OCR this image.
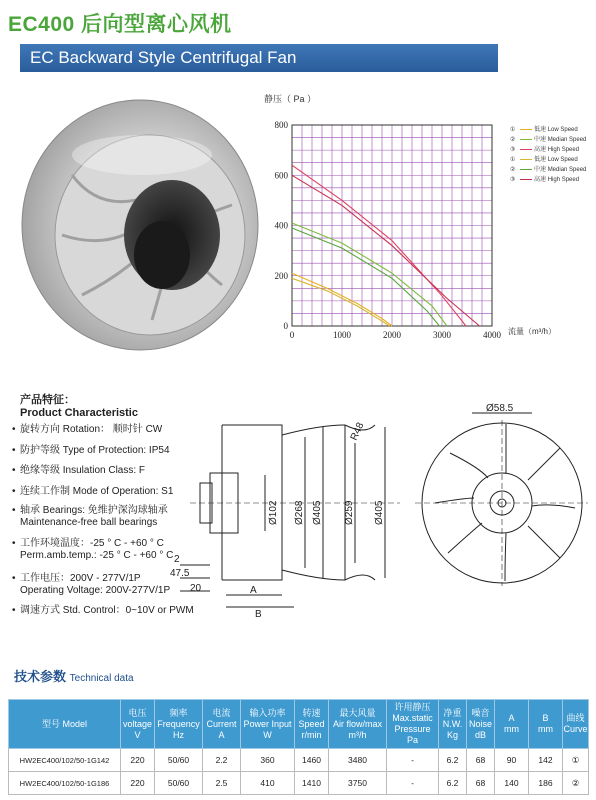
EC400 后向型离心风机
EC Backward Style Centrifugal Fan
静压（ Pa ）
流量（m³/h）
0	1000	2000	3000	4000
0
200
400
600
800	①	低速 Low Speed
②	中速 Median Speed
③	高速 High Speed
①	低速 Low Speed
②	中速 Median Speed
③	高速 High Speed
产品特征：
Product Characteristic
• 旋转方向 Rotation： 顺时针 CW
• 防护等级 Type of Protection: IP54
• 绝缘等级 Insulation Class: F
• 连续工作制 Mode of Operation: S1
• 轴承 Bearings: 免维护深沟球轴承
Maintenance-free ball bearings
• 工作环境温度：-25 ° C - +60 ° C
Perm.amb.temp.: -25 ° C - +60 ° C
• 工作电压：200V - 277V/1P
Operating Voltage: 200V-277V/1P
• 调速方式 Std. Control：0~10V or PWM
Ø102 Ø268 Ø405 Ø259 Ø405
R48
2
47.5
20	A
B
Ø58.5
技术参数 Technical data
型号 Model	电压
voltage
V	频率
Frequency
Hz	电流
Current
A	输入功率
Power Input
W	转速
Speed
r/min	最大风量
Air flow/max
m³/h	许用静压
Max.static
Pressure
Pa	净重
N.W.
Kg	噪音
Noise
dB	A
mm	B
mm	曲线
Curve
HW2EC400/102/50-1G142	220	50/60	2.2	360	1460	3480	-	6.2	68	90	142	①
HW2EC400/102/50-1G186	220	50/60	2.5	410	1410	3750	-	6.2	68	140	186	②
